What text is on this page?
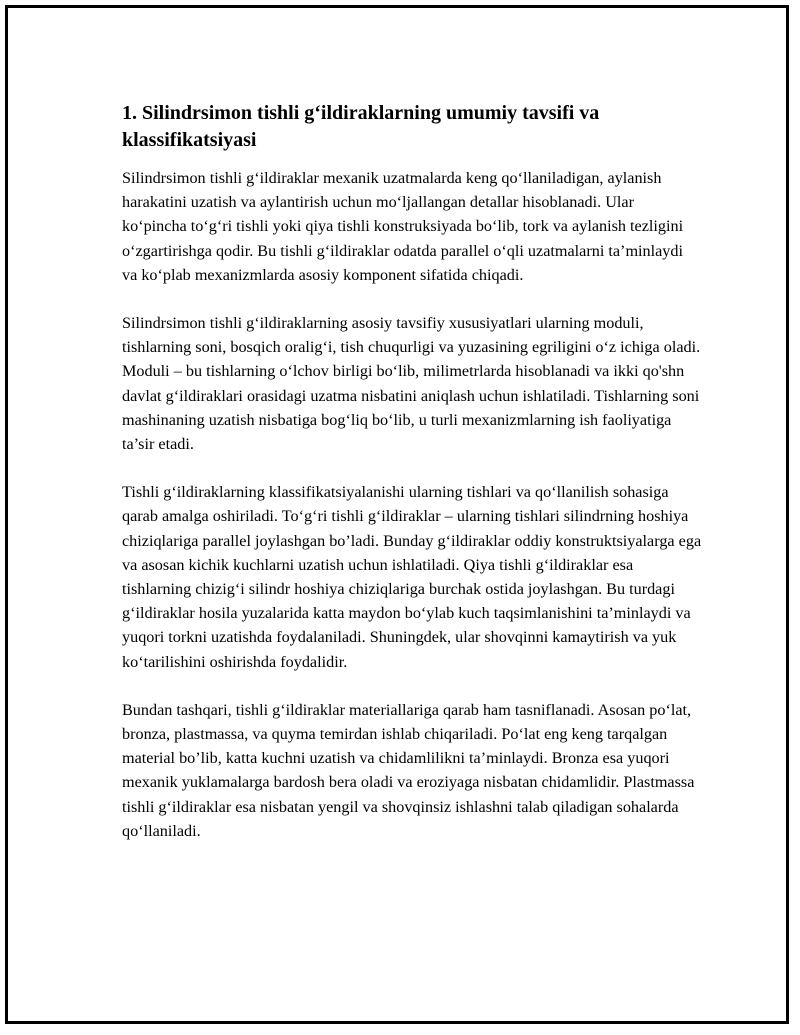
1. Silindrsimon tishli g‘ildiraklarning umumiy tavsifi va klassifikatsiyasi

Silindrsimon tishli g‘ildiraklar mexanik uzatmalarda keng qo‘llaniladigan, aylanish harakatini uzatish va aylantirish uchun mo‘ljallangan detallar hisoblanadi. Ular ko‘pincha to‘g‘ri tishli yoki qiya tishli konstruksiyada bo‘lib, tork va aylanish tezligini o‘zgartirishga qodir. Bu tishli g‘ildiraklar odatda parallel o‘qli uzatmalarni ta’minlaydi va ko‘plab mexanizmlarda asosiy komponent sifatida chiqadi.

Silindrsimon tishli g‘ildiraklarning asosiy tavsifiy xususiyatlari ularning moduli, tishlarning soni, bosqich oralig‘i, tish chuqurligi va yuzasining egriligini o‘z ichiga oladi. Moduli – bu tishlarning o‘lchov birligi bo‘lib, milimetrlarda hisoblanadi va ikki qo'shn davlat g‘ildiraklari orasidagi uzatma nisbatini aniqlash uchun ishlatiladi. Tishlarning soni mashinaning uzatish nisbatiga bog‘liq bo‘lib, u turli mexanizmlarning ish faoliyatiga ta’sir etadi.

Tishli g‘ildiraklarning klassifikatsiyalanishi ularning tishlari va qo‘llanilish sohasiga qarab amalga oshiriladi. To‘g‘ri tishli g‘ildiraklar – ularning tishlari silindrning hoshiya chiziqlariga parallel joylashgan bo’ladi. Bunday g‘ildiraklar oddiy konstruktsiyalarga ega va asosan kichik kuchlarni uzatish uchun ishlatiladi. Qiya tishli g‘ildiraklar esa tishlarning chizig‘i silindr hoshiya chiziqlariga burchak ostida joylashgan. Bu turdagi g‘ildiraklar hosila yuzalarida katta maydon bo‘ylab kuch taqsimlanishini ta’minlaydi va yuqori torkni uzatishda foydalaniladi. Shuningdek, ular shovqinni kamaytirish va yuk ko‘tarilishini oshirishda foydalidir.

Bundan tashqari, tishli g‘ildiraklar materiallariga qarab ham tasniflanadi. Asosan po‘lat, bronza, plastmassa, va quyma temirdan ishlab chiqariladi. Po‘lat eng keng tarqalgan material bo’lib, katta kuchni uzatish va chidamlilikni ta’minlaydi. Bronza esa yuqori mexanik yuklamalarga bardosh bera oladi va eroziyaga nisbatan chidamlidir. Plastmassa tishli g‘ildiraklar esa nisbatan yengil va shovqinsiz ishlashni talab qiladigan sohalarda qo‘llaniladi.
